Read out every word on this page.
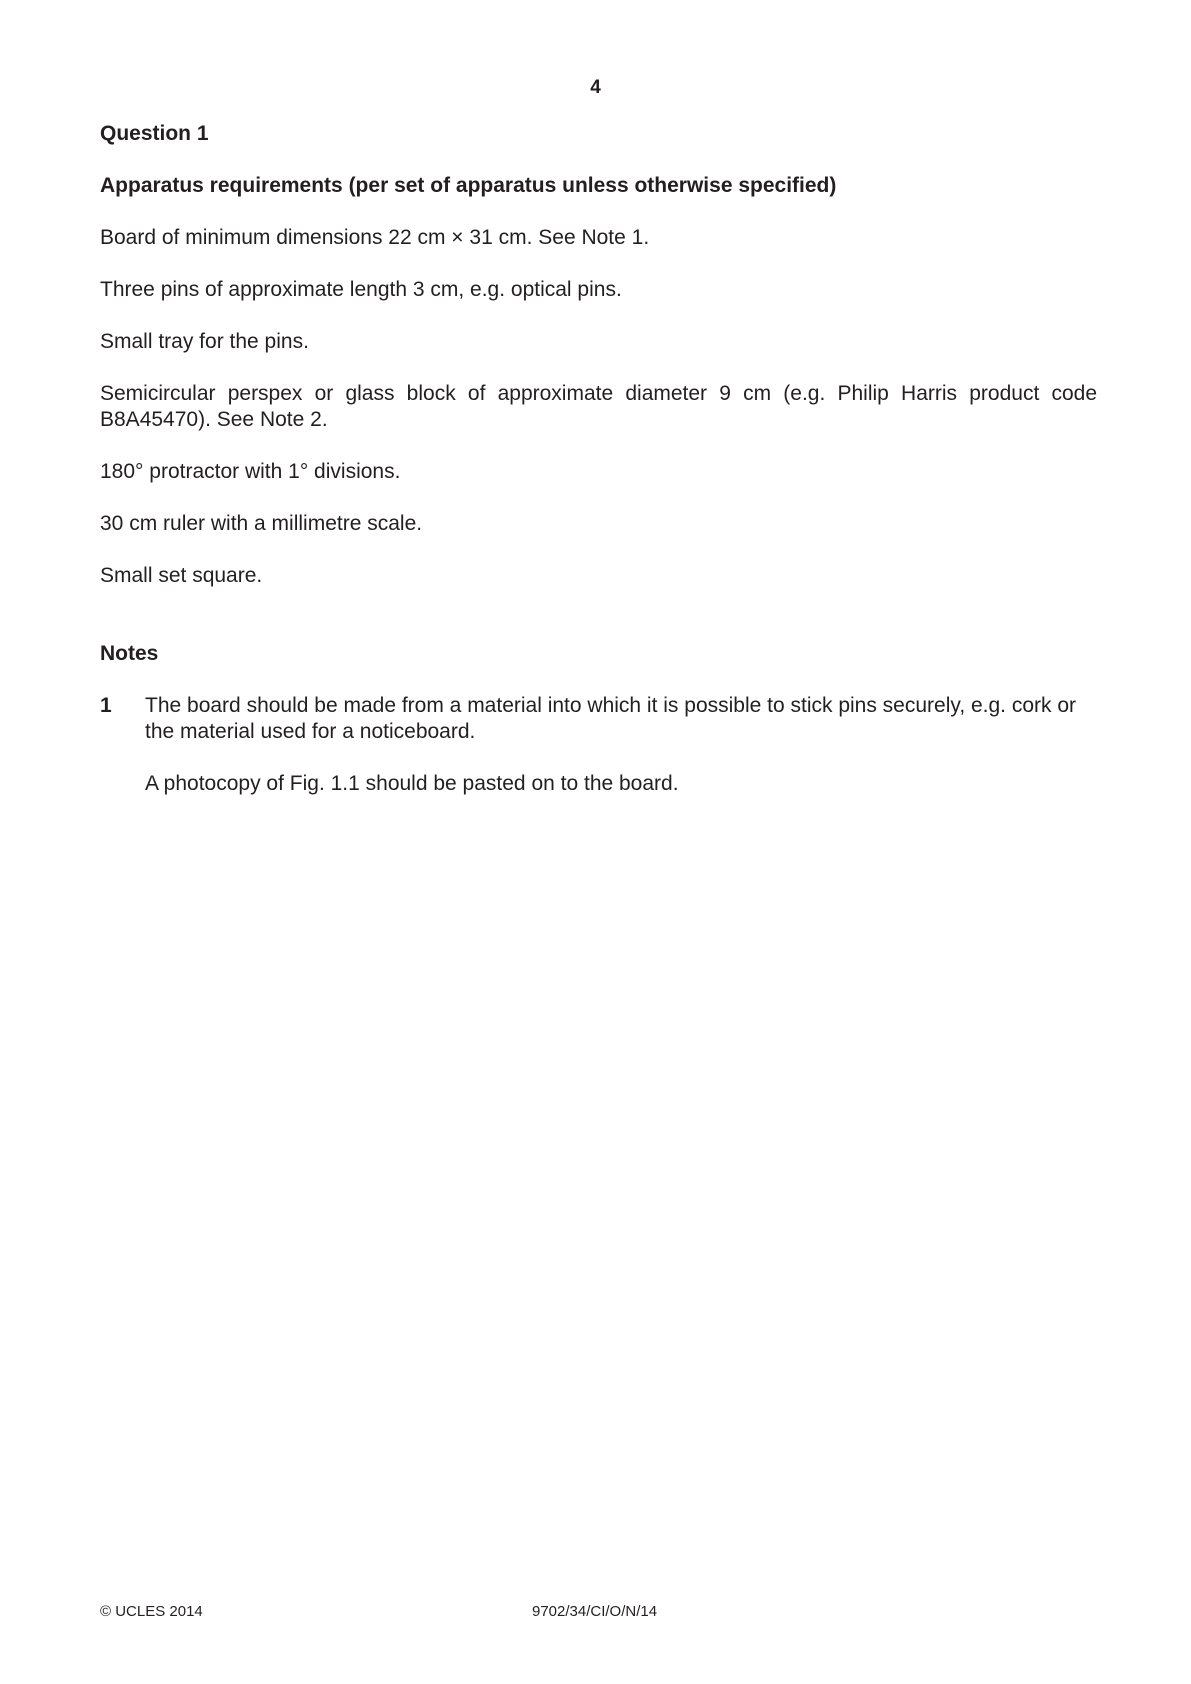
4

Question 1

Apparatus requirements (per set of apparatus unless otherwise specified)

Board of minimum dimensions 22 cm × 31 cm. See Note 1.

Three pins of approximate length 3 cm, e.g. optical pins.

Small tray for the pins.

Semicircular perspex or glass block of approximate diameter 9 cm (e.g. Philip Harris product code B8A45470). See Note 2.

180° protractor with 1° divisions.

30 cm ruler with a millimetre scale.

Small set square.

Notes

1	The board should be made from a material into which it is possible to stick pins securely, e.g. cork or the material used for a noticeboard.

A photocopy of Fig. 1.1 should be pasted on to the board.

© UCLES 2014	9702/34/CI/O/N/14
